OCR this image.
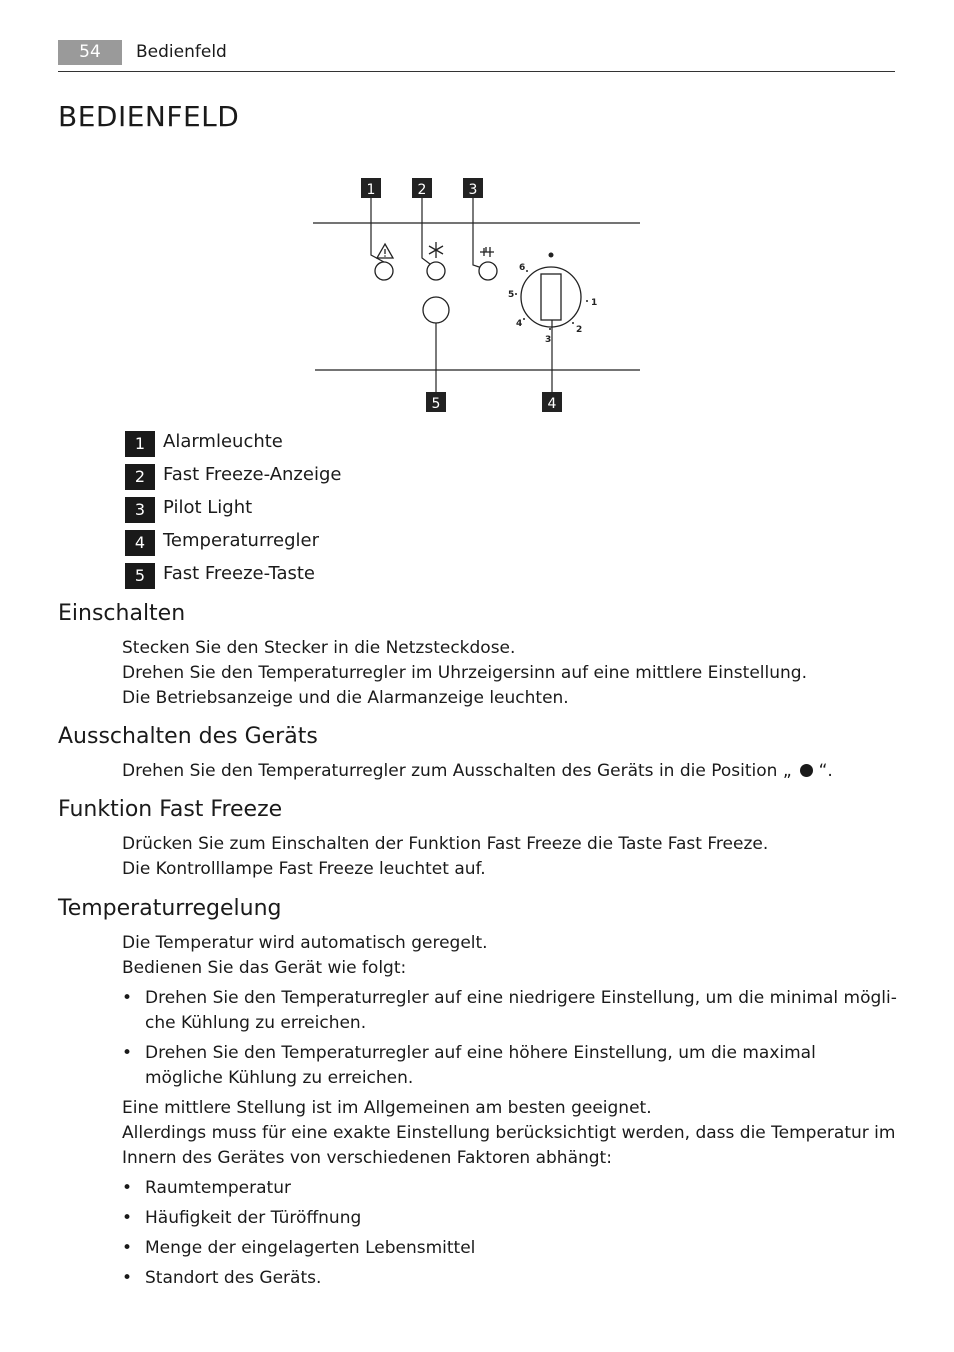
54	Bedienfeld
BEDIENFELD
1	2	3
6
5
4
3
2
1
5	4
1 Alarmleuchte
2 Fast Freeze-Anzeige
3 Pilot Light
4 Temperaturregler
5 Fast Freeze-Taste
Einschalten

Stecken Sie den Stecker in die Netzsteckdose.

Drehen Sie den Temperaturregler im Uhrzeigersinn auf eine mittlere Einstellung.

Die Betriebsanzeige und die Alarmanzeige leuchten.

Ausschalten des Geräts

Drehen Sie den Temperaturregler zum Ausschalten des Geräts in die Position „ “.

Funktion Fast Freeze

Drücken Sie zum Einschalten der Funktion Fast Freeze die Taste Fast Freeze.

Die Kontrolllampe Fast Freeze leuchtet auf.

Temperaturregelung

Die Temperatur wird automatisch geregelt.

Bedienen Sie das Gerät wie folgt:

• Drehen Sie den Temperaturregler auf eine niedrigere Einstellung, um die minimal mögli-che Kühlung zu erreichen.
• Drehen Sie den Temperaturregler auf eine höhere Einstellung, um die maximal mögliche Kühlung zu erreichen.

Eine mittlere Stellung ist im Allgemeinen am besten geeignet.

Allerdings muss für eine exakte Einstellung berücksichtigt werden, dass die Temperatur im Innern des Gerätes von verschiedenen Faktoren abhängt:

• Raumtemperatur
• Häufigkeit der Türöffnung
• Menge der eingelagerten Lebensmittel
• Standort des Geräts.
